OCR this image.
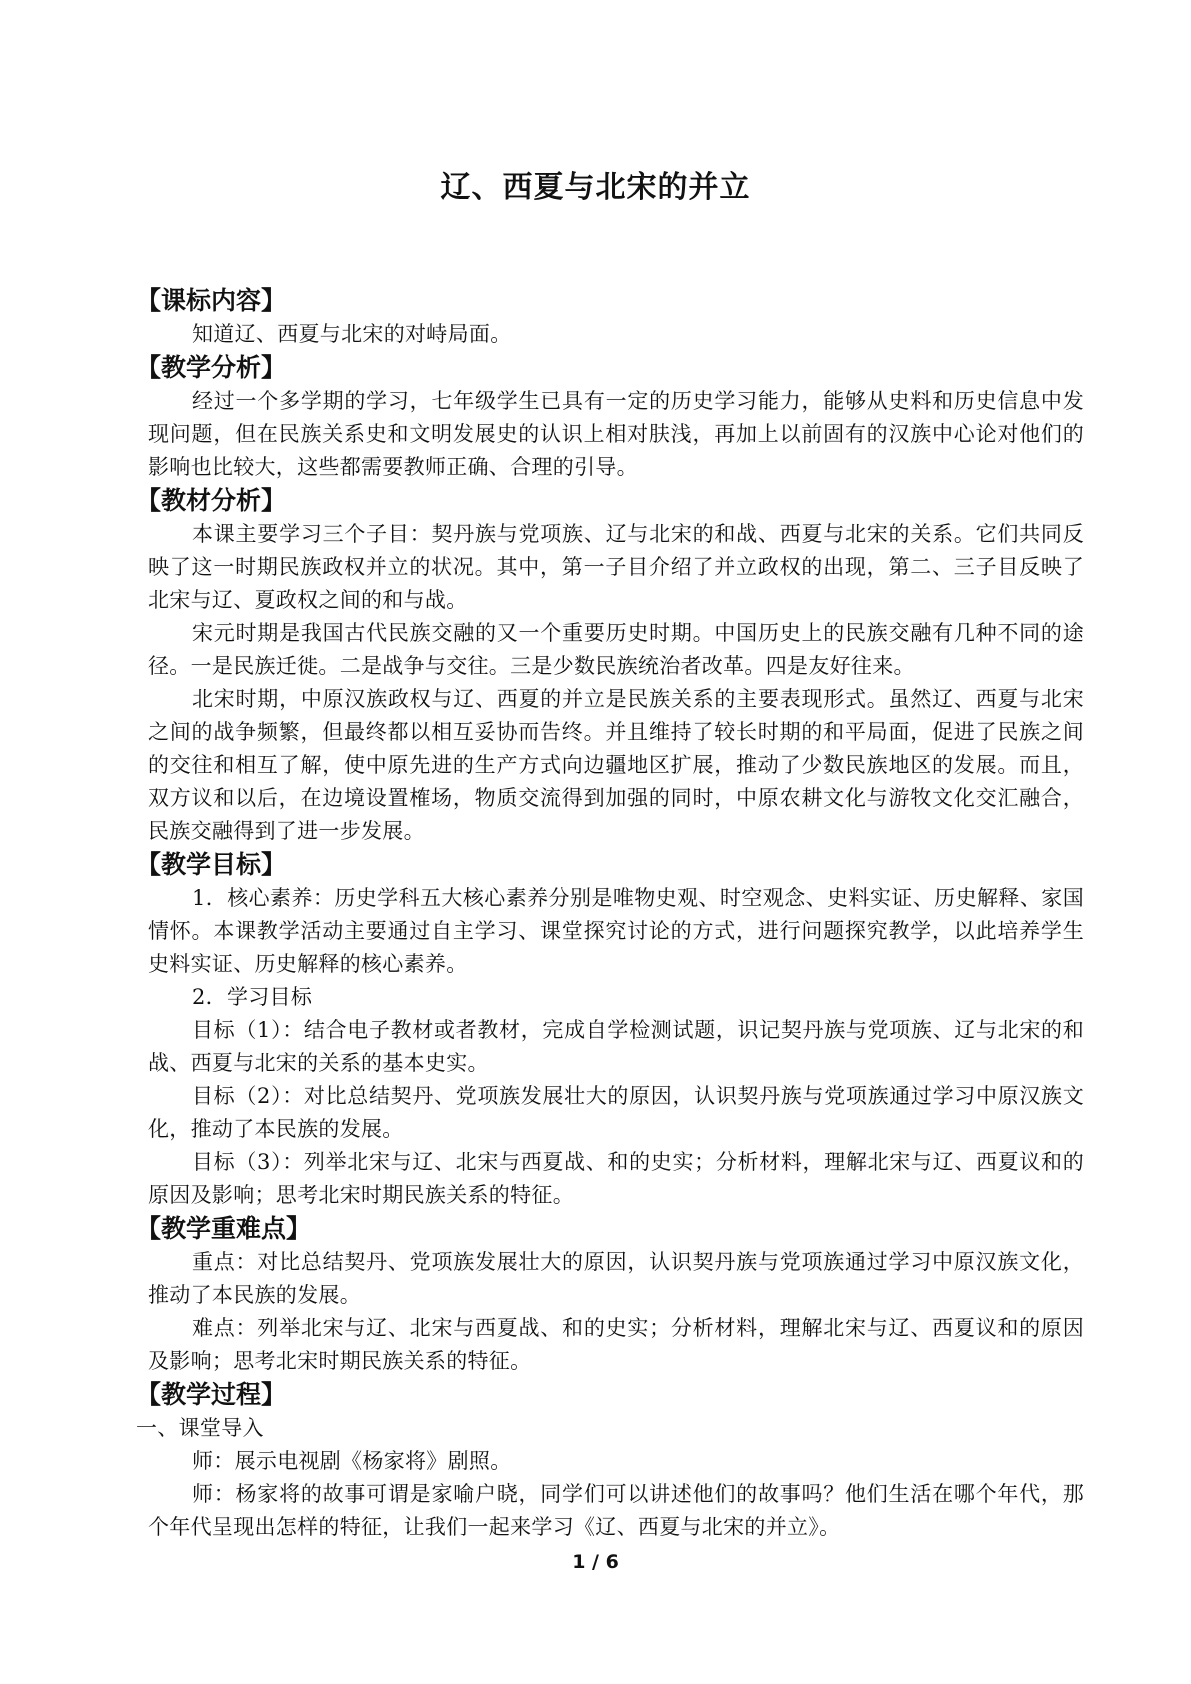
辽、西夏与北宋的并立
【课标内容】
知道辽、西夏与北宋的对峙局面。
【教学分析】
经过一个多学期的学习，七年级学生已具有一定的历史学习能力，能够从史料和历史信息中发现问题，但在民族关系史和文明发展史的认识上相对肤浅，再加上以前固有的汉族中心论对他们的影响也比较大，这些都需要教师正确、合理的引导。
【教材分析】
本课主要学习三个子目：契丹族与党项族、辽与北宋的和战、西夏与北宋的关系。它们共同反映了这一时期民族政权并立的状况。其中，第一子目介绍了并立政权的出现，第二、三子目反映了北宋与辽、夏政权之间的和与战。
宋元时期是我国古代民族交融的又一个重要历史时期。中国历史上的民族交融有几种不同的途径。一是民族迁徙。二是战争与交往。三是少数民族统治者改革。四是友好往来。
北宋时期，中原汉族政权与辽、西夏的并立是民族关系的主要表现形式。虽然辽、西夏与北宋之间的战争频繁，但最终都以相互妥协而告终。并且维持了较长时期的和平局面，促进了民族之间的交往和相互了解，使中原先进的生产方式向边疆地区扩展，推动了少数民族地区的发展。而且，双方议和以后，在边境设置榷场，物质交流得到加强的同时，中原农耕文化与游牧文化交汇融合，民族交融得到了进一步发展。
【教学目标】
1．核心素养：历史学科五大核心素养分别是唯物史观、时空观念、史料实证、历史解释、家国情怀。本课教学活动主要通过自主学习、课堂探究讨论的方式，进行问题探究教学，以此培养学生史料实证、历史解释的核心素养。
2．学习目标
目标（1）：结合电子教材或者教材，完成自学检测试题，识记契丹族与党项族、辽与北宋的和战、西夏与北宋的关系的基本史实。
目标（2）：对比总结契丹、党项族发展壮大的原因，认识契丹族与党项族通过学习中原汉族文化，推动了本民族的发展。
目标（3）：列举北宋与辽、北宋与西夏战、和的史实；分析材料，理解北宋与辽、西夏议和的原因及影响；思考北宋时期民族关系的特征。
【教学重难点】
重点：对比总结契丹、党项族发展壮大的原因，认识契丹族与党项族通过学习中原汉族文化，推动了本民族的发展。
难点：列举北宋与辽、北宋与西夏战、和的史实；分析材料，理解北宋与辽、西夏议和的原因及影响；思考北宋时期民族关系的特征。
【教学过程】
一、课堂导入
师：展示电视剧《杨家将》剧照。
师：杨家将的故事可谓是家喻户晓，同学们可以讲述他们的故事吗？他们生活在哪个年代，那个年代呈现出怎样的特征，让我们一起来学习《辽、西夏与北宋的并立》。
1 / 6
